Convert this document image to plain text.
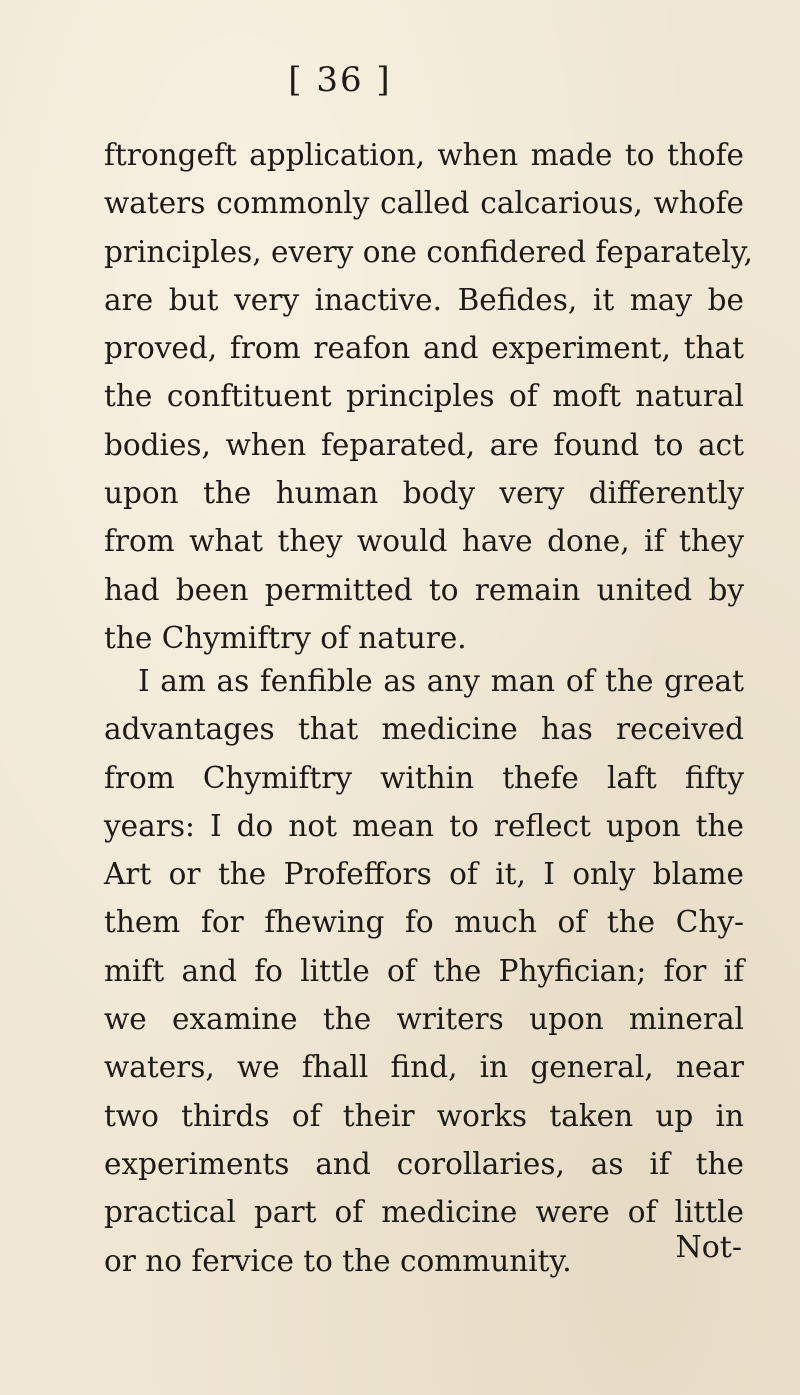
[ 36 ]
ftrongeft application, when made to thofe
waters commonly called calcarious, whofe
principles, every one confidered feparately,
are but very inactive. Befides, it may be
proved, from reafon and experiment, that
the conftituent principles of moft natural
bodies, when feparated, are found to act
upon the human body very differently
from what they would have done, if they
had been permitted to remain united by
the Chymiftry of nature.
I am as fenfible as any man of the great
advantages that medicine has received
from Chymiftry within thefe laft fifty
years: I do not mean to reflect upon the
Art or the Profeffors of it, I only blame
them for fhewing fo much of the Chy-
mift and fo little of the Phyfician; for if
we examine the writers upon mineral
waters, we fhall find, in general, near
two thirds of their works taken up in
experiments and corollaries, as if the
practical part of medicine were of little
or no fervice to the community.	Not-
